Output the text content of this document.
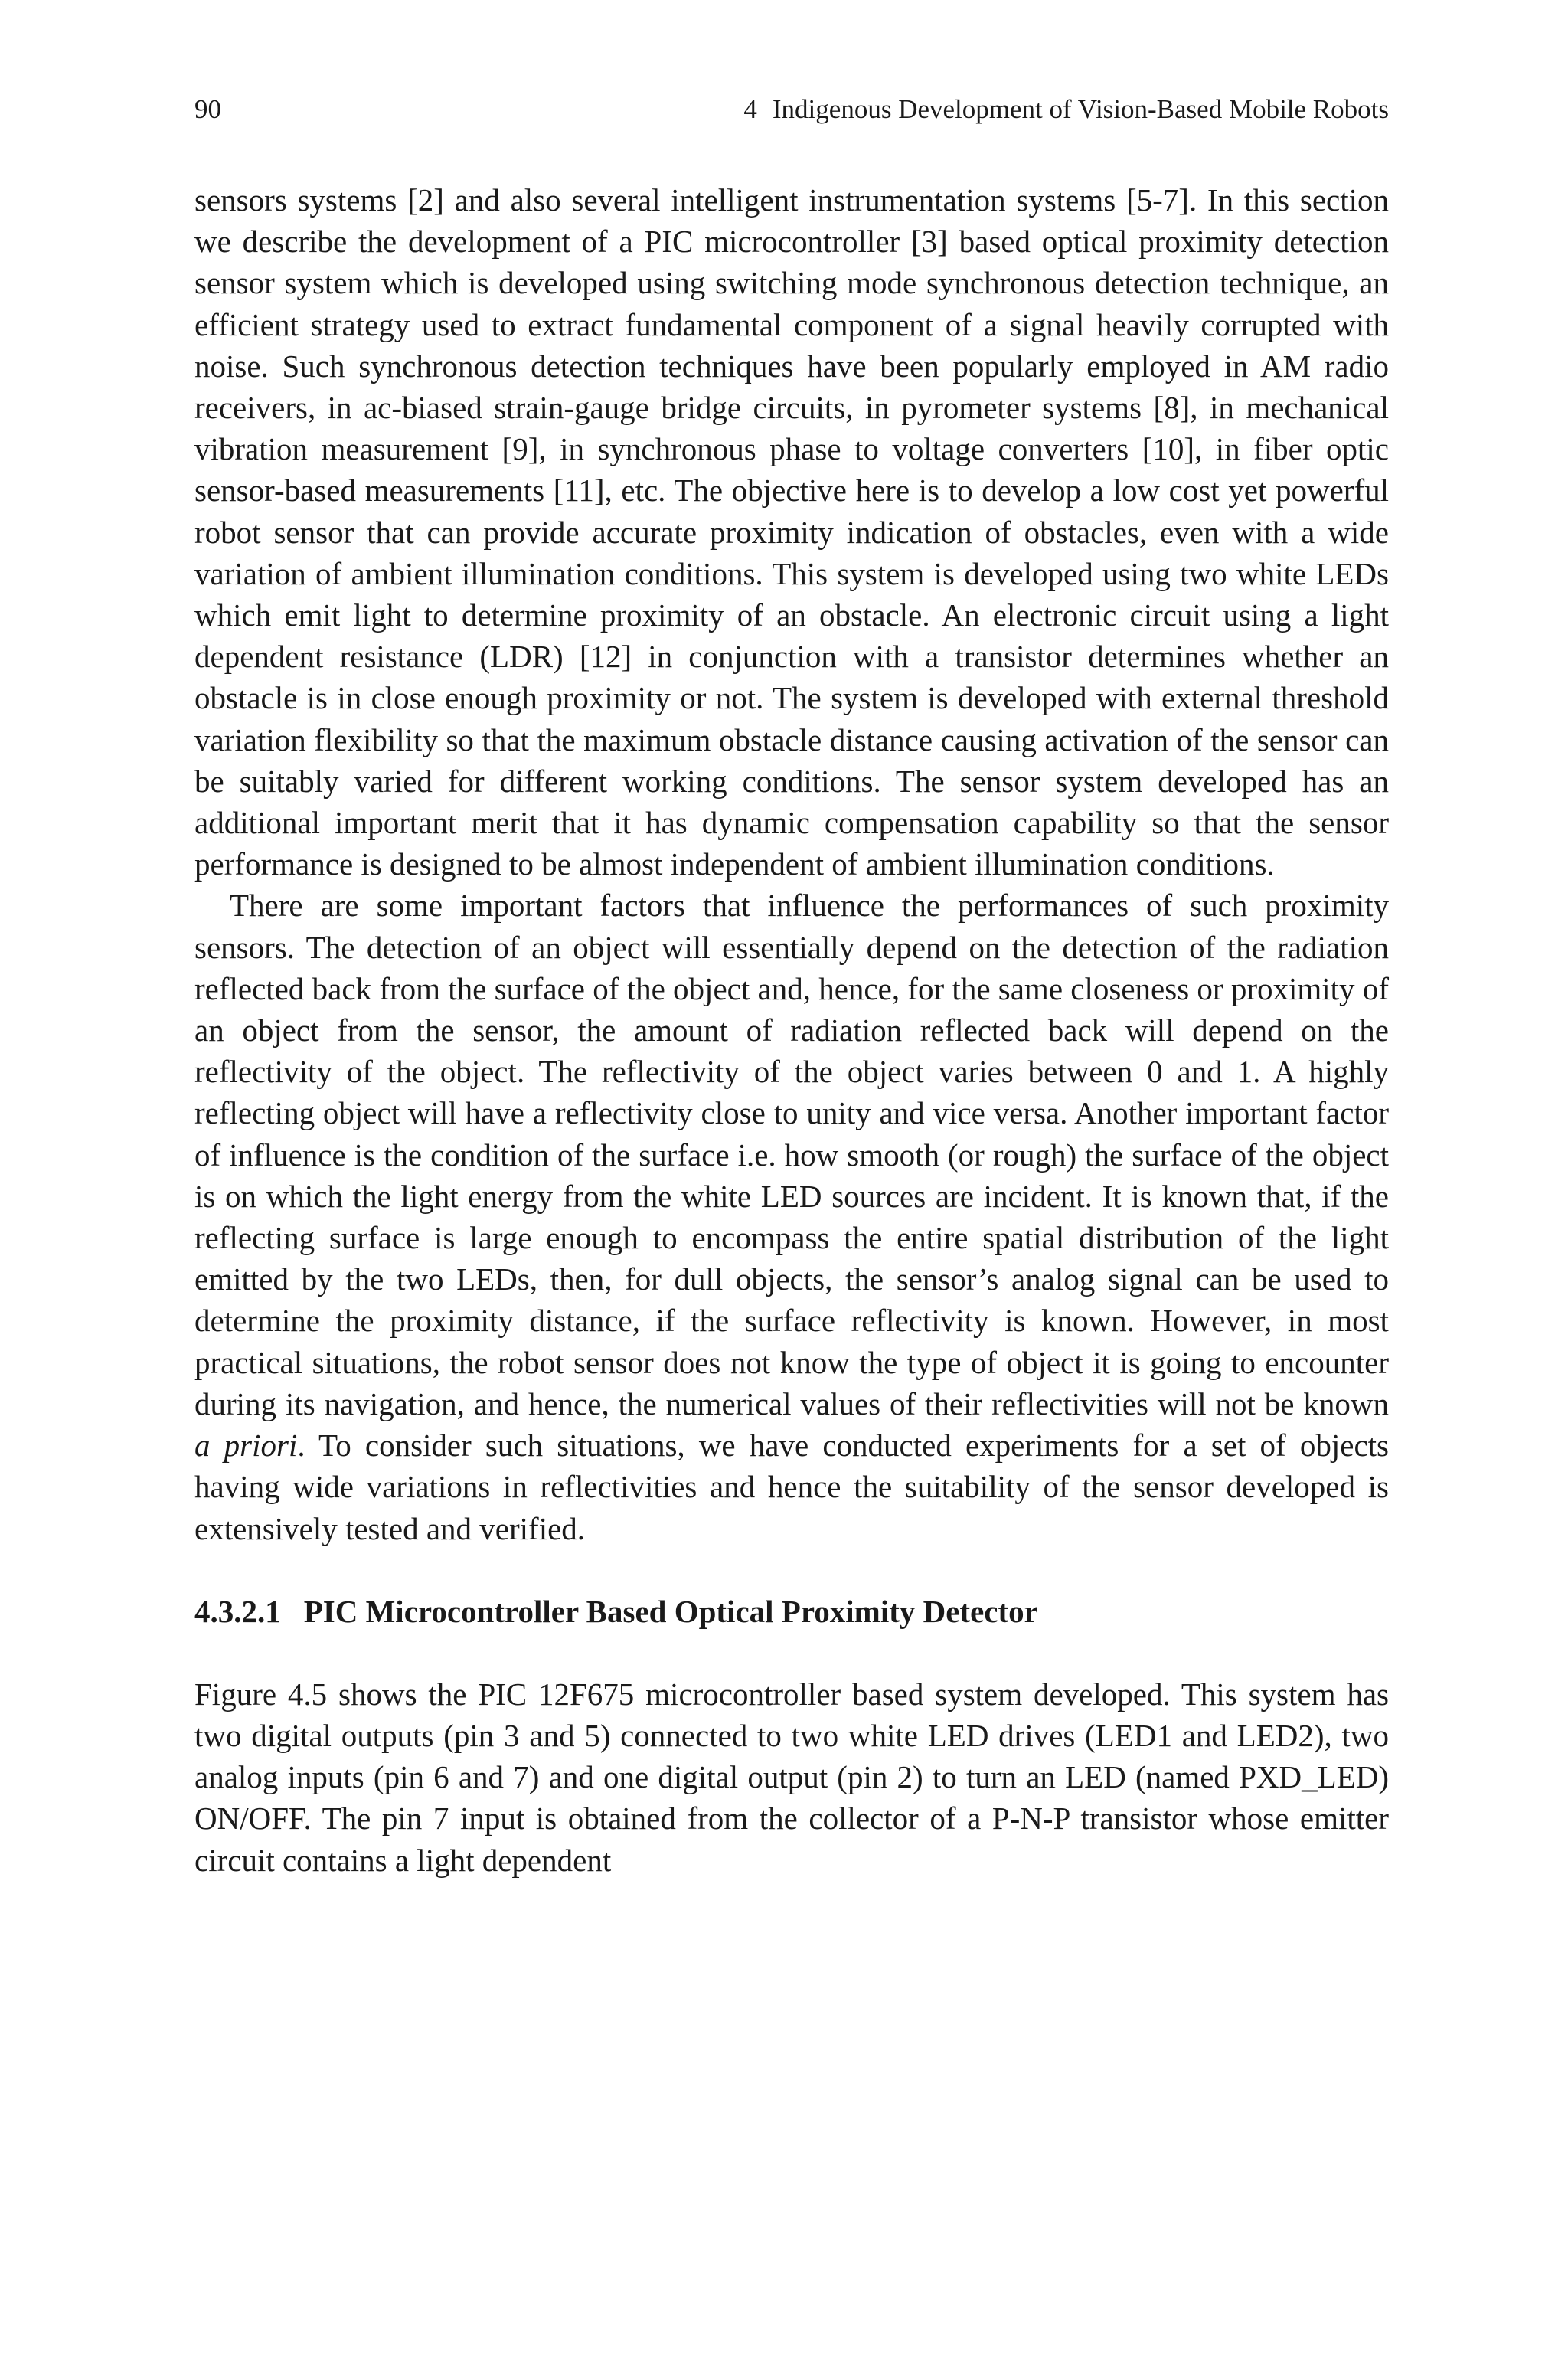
90	4 Indigenous Development of Vision-Based Mobile Robots

sensors systems [2] and also several intelligent instrumentation systems [5-7]. In this section we describe the development of a PIC microcontroller [3] based optical proximity detection sensor system which is developed using switching mode synchronous detection technique, an efficient strategy used to extract fundamental component of a signal heavily corrupted with noise. Such synchronous detection techniques have been popularly employed in AM radio receivers, in ac-biased strain-gauge bridge circuits, in pyrometer systems [8], in mechanical vibration measurement [9], in synchronous phase to voltage converters [10], in fiber optic sensor-based measurements [11], etc. The objective here is to develop a low cost yet powerful robot sensor that can provide accurate proximity indication of obstacles, even with a wide variation of ambient illumination conditions. This system is developed using two white LEDs which emit light to determine proximity of an obstacle. An electronic circuit using a light dependent resistance (LDR) [12] in conjunction with a transistor determines whether an obstacle is in close enough proximity or not. The system is developed with external threshold variation flexibility so that the maximum obstacle distance causing activation of the sensor can be suitably varied for different working conditions. The sensor system developed has an additional important merit that it has dynamic compensation capability so that the sensor performance is designed to be almost independent of ambient illumination conditions.

There are some important factors that influence the performances of such proximity sensors. The detection of an object will essentially depend on the detection of the radiation reflected back from the surface of the object and, hence, for the same closeness or proximity of an object from the sensor, the amount of radiation reflected back will depend on the reflectivity of the object. The reflectivity of the object varies between 0 and 1. A highly reflecting object will have a reflectivity close to unity and vice versa. Another important factor of influence is the condition of the surface i.e. how smooth (or rough) the surface of the object is on which the light energy from the white LED sources are incident. It is known that, if the reflecting surface is large enough to encompass the entire spatial distribution of the light emitted by the two LEDs, then, for dull objects, the sensor’s analog signal can be used to determine the proximity distance, if the surface reflectivity is known. However, in most practical situations, the robot sensor does not know the type of object it is going to encounter during its navigation, and hence, the numerical values of their reflectivities will not be known a priori. To consider such situations, we have conducted experiments for a set of objects having wide variations in reflectivities and hence the suitability of the sensor developed is extensively tested and verified.

4.3.2.1 PIC Microcontroller Based Optical Proximity Detector

Figure 4.5 shows the PIC 12F675 microcontroller based system developed. This system has two digital outputs (pin 3 and 5) connected to two white LED drives (LED1 and LED2), two analog inputs (pin 6 and 7) and one digital output (pin 2) to turn an LED (named PXD_LED) ON/OFF. The pin 7 input is obtained from the collector of a P-N-P transistor whose emitter circuit contains a light dependent
